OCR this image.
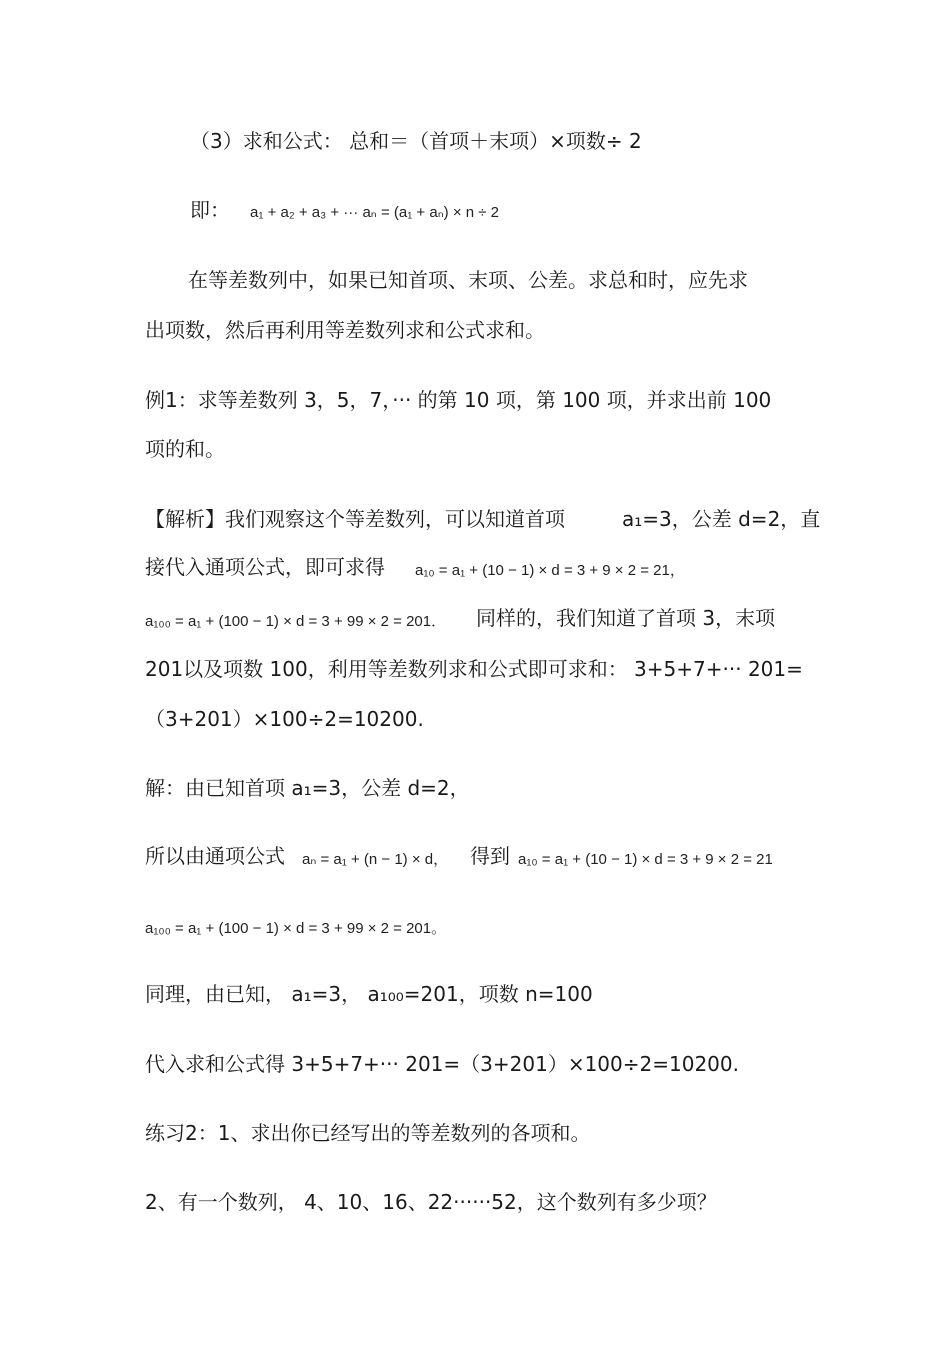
（3）求和公式： 总和＝（首项＋末项）×项数÷ 2
即： a₁ + a₂ + a₃ + ··· aₙ = (a₁ + aₙ) × n ÷ 2
在等差数列中，如果已知首项、末项、公差。求总和时，应先求
出项数，然后再利用等差数列求和公式求和。
例1：求等差数列 3，5，7，··· 的第 10 项，第 100 项，并求出前 100
项的和。
【解析】我们观察这个等差数列，可以知道首项	a₁=3，公差 d=2，直
接代入通项公式，即可求得 a₁₀ = a₁ + (10 − 1) × d = 3 + 9 × 2 = 21，
a₁₀₀ = a₁ + (100 − 1) × d = 3 + 99 × 2 = 201． 同样的，我们知道了首项 3，末项
201以及项数 100，利用等差数列求和公式即可求和： 3+5+7+··· 201=
（3+201）×100÷2=10200.
解：由已知首项 a₁=3，公差 d=2，
所以由通项公式 aₙ = a₁ + (n − 1) × d， 得到 a₁₀ = a₁ + (10 − 1) × d = 3 + 9 × 2 = 21
a₁₀₀ = a₁ + (100 − 1) × d = 3 + 99 × 2 = 201。
同理，由已知， a₁=3， a₁₀₀=201，项数 n=100
代入求和公式得 3+5+7+··· 201=（3+201）×100÷2=10200.
练习2：1、求出你已经写出的等差数列的各项和。
2、有一个数列， 4、10、16、22······52，这个数列有多少项？
